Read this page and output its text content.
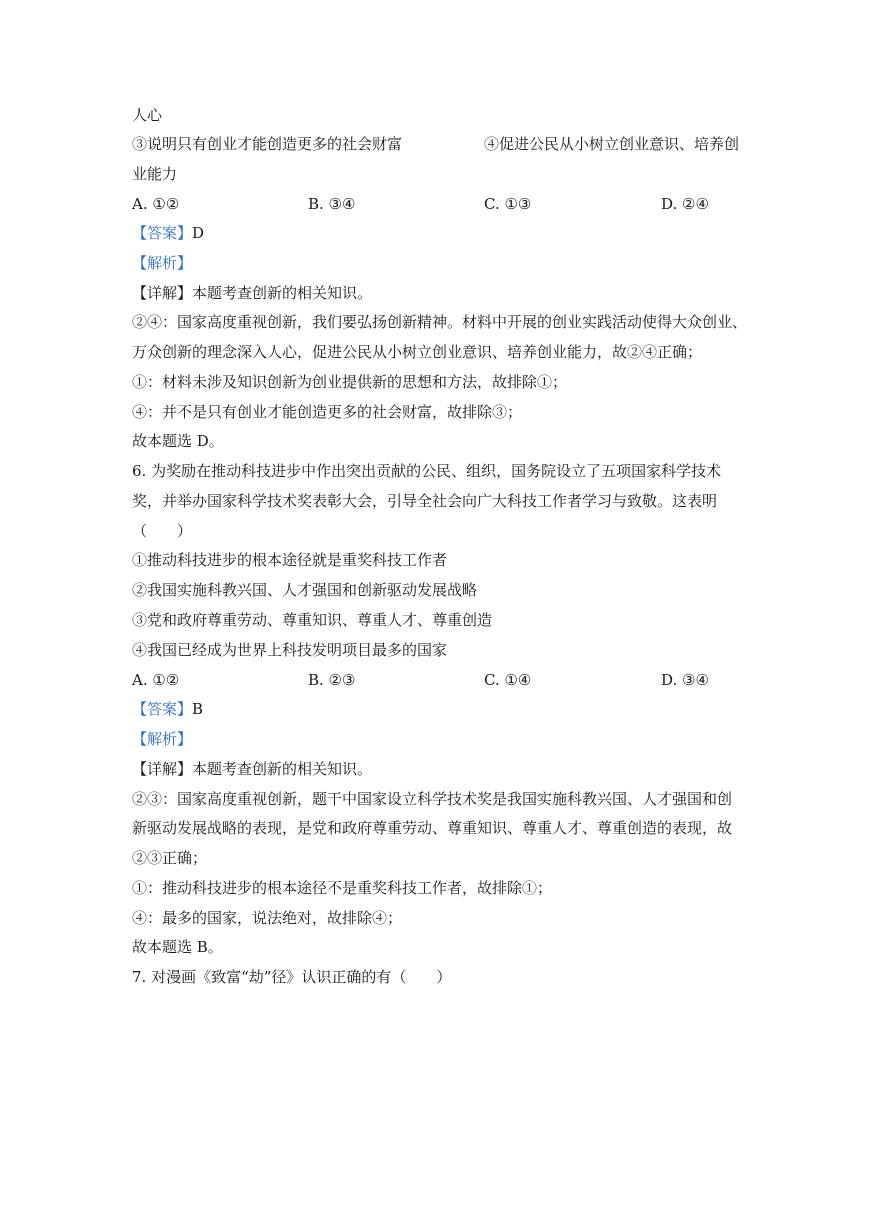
人心
③说明只有创业才能创造更多的社会财富	④促进公民从小树立创业意识、培养创
业能力
A. ①②	B. ③④	C. ①③	D. ②④
【答案】D
【解析】
【详解】本题考查创新的相关知识。
②④：国家高度重视创新，我们要弘扬创新精神。材料中开展的创业实践活动使得大众创业、
万众创新的理念深入人心，促进公民从小树立创业意识、培养创业能力，故②④正确；
①：材料未涉及知识创新为创业提供新的思想和方法，故排除①；
④：并不是只有创业才能创造更多的社会财富，故排除③；
故本题选 D。
6. 为奖励在推动科技进步中作出突出贡献的公民、组织，国务院设立了五项国家科学技术
奖，并举办国家科学技术奖表彰大会，引导全社会向广大科技工作者学习与致敬。这表明
（　　）
①推动科技进步的根本途径就是重奖科技工作者
②我国实施科教兴国、人才强国和创新驱动发展战略
③党和政府尊重劳动、尊重知识、尊重人才、尊重创造
④我国已经成为世界上科技发明项目最多的国家
A. ①②	B. ②③	C. ①④	D. ③④
【答案】B
【解析】
【详解】本题考查创新的相关知识。
②③：国家高度重视创新，题干中国家设立科学技术奖是我国实施科教兴国、人才强国和创
新驱动发展战略的表现，是党和政府尊重劳动、尊重知识、尊重人才、尊重创造的表现，故
②③正确；
①：推动科技进步的根本途径不是重奖科技工作者，故排除①；
④：最多的国家，说法绝对，故排除④；
故本题选 B。
7. 对漫画《致富“劫”径》认识正确的有（　　）
